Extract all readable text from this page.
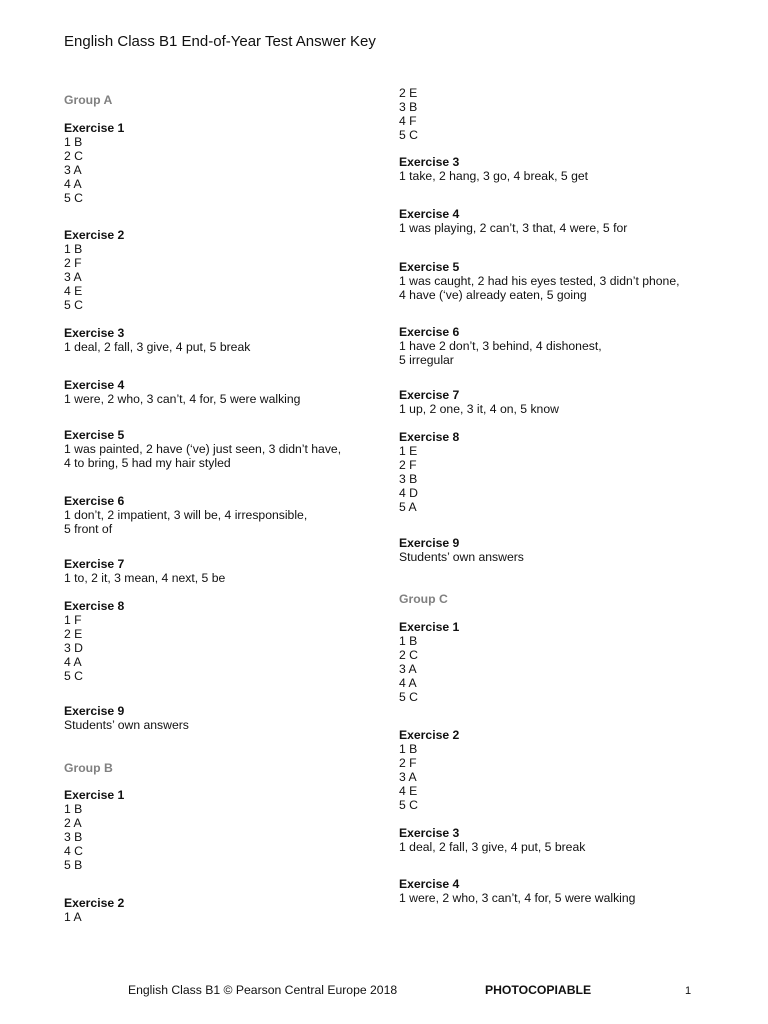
English Class B1 End-of-Year Test Answer Key
Group A
Group B
Group C
Exercise 1
1 B
2 C
3 A
4 A
5 C
Exercise 2
1 B
2 F
3 A
4 E
5 C
Exercise 3
1 deal, 2 fall, 3 give, 4 put, 5 break
Exercise 4
1 were, 2 who, 3 can’t, 4 for, 5 were walking
Exercise 5
1 was painted, 2 have (‘ve) just seen, 3 didn’t have,
4 to bring, 5 had my hair styled
Exercise 6
1 don’t, 2 impatient, 3 will be, 4 irresponsible,
5 front of
Exercise 7
1 to, 2 it, 3 mean, 4 next, 5 be
Exercise 8
1 F
2 E
3 D
4 A
5 C
Exercise 9
Students’ own answers
Exercise 1
1 B
2 A
3 B
4 C
5 B
Exercise 2
1 A
2 E
3 B
4 F
5 C
Exercise 3
1 take, 2 hang, 3 go, 4 break, 5 get
Exercise 4
1 was playing, 2 can’t, 3 that, 4 were, 5 for
Exercise 5
1 was caught, 2 had his eyes tested, 3 didn’t phone,
4 have (‘ve) already eaten, 5 going
Exercise 6
1 have 2 don’t, 3 behind, 4 dishonest,
5 irregular
Exercise 7
1 up, 2 one, 3 it, 4 on, 5 know
Exercise 8
1 E
2 F
3 B
4 D
5 A
Exercise 9
Students’ own answers
Exercise 1
1 B
2 C
3 A
4 A
5 C
Exercise 2
1 B
2 F
3 A
4 E
5 C
Exercise 3
1 deal, 2 fall, 3 give, 4 put, 5 break
Exercise 4
1 were, 2 who, 3 can’t, 4 for, 5 were walking
English Class B1 © Pearson Central Europe 2018	PHOTOCOPIABLE	1
